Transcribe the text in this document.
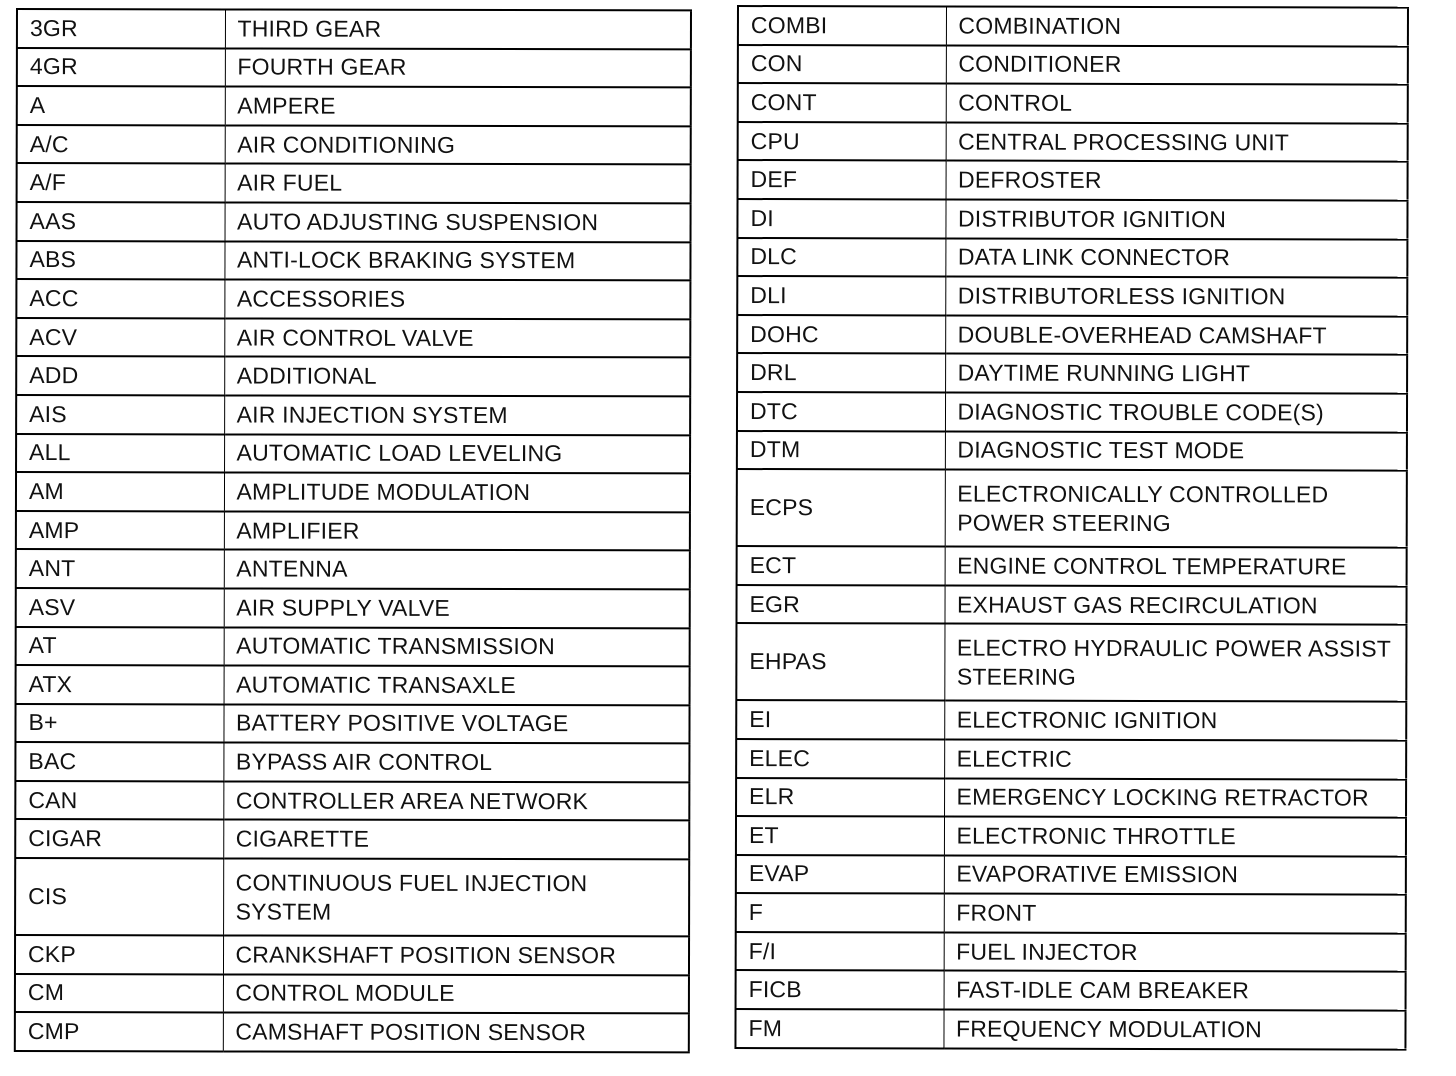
3GR	THIRD GEAR
4GR	FOURTH GEAR
A	AMPERE
A/C	AIR CONDITIONING
A/F	AIR FUEL
AAS	AUTO ADJUSTING SUSPENSION
ABS	ANTI-LOCK BRAKING SYSTEM
ACC	ACCESSORIES
ACV	AIR CONTROL VALVE
ADD	ADDITIONAL
AIS	AIR INJECTION SYSTEM
ALL	AUTOMATIC LOAD LEVELING
AM	AMPLITUDE MODULATION
AMP	AMPLIFIER
ANT	ANTENNA
ASV	AIR SUPPLY VALVE
AT	AUTOMATIC TRANSMISSION
ATX	AUTOMATIC TRANSAXLE
B+	BATTERY POSITIVE VOLTAGE
BAC	BYPASS AIR CONTROL
CAN	CONTROLLER AREA NETWORK
CIGAR	CIGARETTE
CIS	CONTINUOUS FUEL INJECTION SYSTEM
CKP	CRANKSHAFT POSITION SENSOR
CM	CONTROL MODULE
CMP	CAMSHAFT POSITION SENSOR
COMBI	COMBINATION
CON	CONDITIONER
CONT	CONTROL
CPU	CENTRAL PROCESSING UNIT
DEF	DEFROSTER
DI	DISTRIBUTOR IGNITION
DLC	DATA LINK CONNECTOR
DLI	DISTRIBUTORLESS IGNITION
DOHC	DOUBLE-OVERHEAD CAMSHAFT
DRL	DAYTIME RUNNING LIGHT
DTC	DIAGNOSTIC TROUBLE CODE(S)
DTM	DIAGNOSTIC TEST MODE
ECPS	ELECTRONICALLY CONTROLLED POWER STEERING
ECT	ENGINE CONTROL TEMPERATURE
EGR	EXHAUST GAS RECIRCULATION
EHPAS	ELECTRO HYDRAULIC POWER ASSIST STEERING
EI	ELECTRONIC IGNITION
ELEC	ELECTRIC
ELR	EMERGENCY LOCKING RETRACTOR
ET	ELECTRONIC THROTTLE
EVAP	EVAPORATIVE EMISSION
F	FRONT
F/I	FUEL INJECTOR
FICB	FAST-IDLE CAM BREAKER
FM	FREQUENCY MODULATION
